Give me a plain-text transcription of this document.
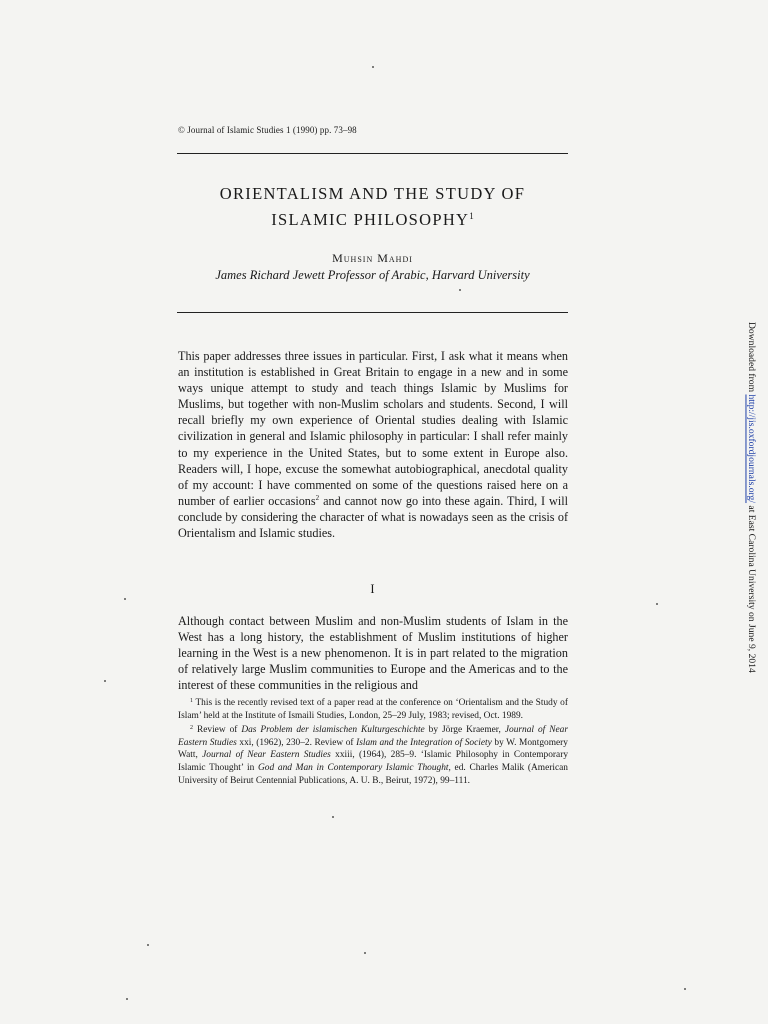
© Journal of Islamic Studies 1 (1990) pp. 73–98
ORIENTALISM AND THE STUDY OF
ISLAMIC PHILOSOPHY$^1$
Muhsin Mahdi
James Richard Jewett Professor of Arabic, Harvard University

This paper addresses three issues in particular. First, I ask what it means when an institution is established in Great Britain to engage in a new and in some ways unique attempt to study and teach things Islamic by Muslims for Muslims, but together with non-Muslim scholars and students. Second, I will recall briefly my own experience of Oriental studies dealing with Islamic civilization in general and Islamic philosophy in particular: I shall refer mainly to my experience in the United States, but to some extent in Europe also. Readers will, I hope, excuse the somewhat autobiographical, anecdotal quality of my account: I have commented on some of the questions raised here on a number of earlier occasions$^2$ and cannot now go into these again. Third, I will conclude by considering the character of what is nowadays seen as the crisis of Orientalism and Islamic studies.

I

Although contact between Muslim and non-Muslim students of Islam in the West has a long history, the establishment of Muslim institutions of higher learning in the West is a new phenomenon. It is in part related to the migration of relatively large Muslim communities to Europe and the Americas and to the interest of these communities in the religious and

$^1$ This is the recently revised text of a paper read at the conference on ‘Orientalism and the Study of Islam’ held at the Institute of Ismaili Studies, London, 25–29 July, 1983; revised, Oct. 1989.

$^2$ Review of Das Problem der islamischen Kulturgeschichte by Jörge Kraemer, Journal of Near Eastern Studies xxi, (1962), 230–2. Review of Islam and the Integration of Society by W. Montgomery Watt, Journal of Near Eastern Studies xxiii, (1964), 285–9. ‘Islamic Philosophy in Contemporary Islamic Thought’ in God and Man in Contemporary Islamic Thought, ed. Charles Malik (American University of Beirut Centennial Publications, A. U. B., Beirut, 1972), 99–111.

Downloaded from http://jis.oxfordjournals.org/ at East Carolina University on June 9, 2014
